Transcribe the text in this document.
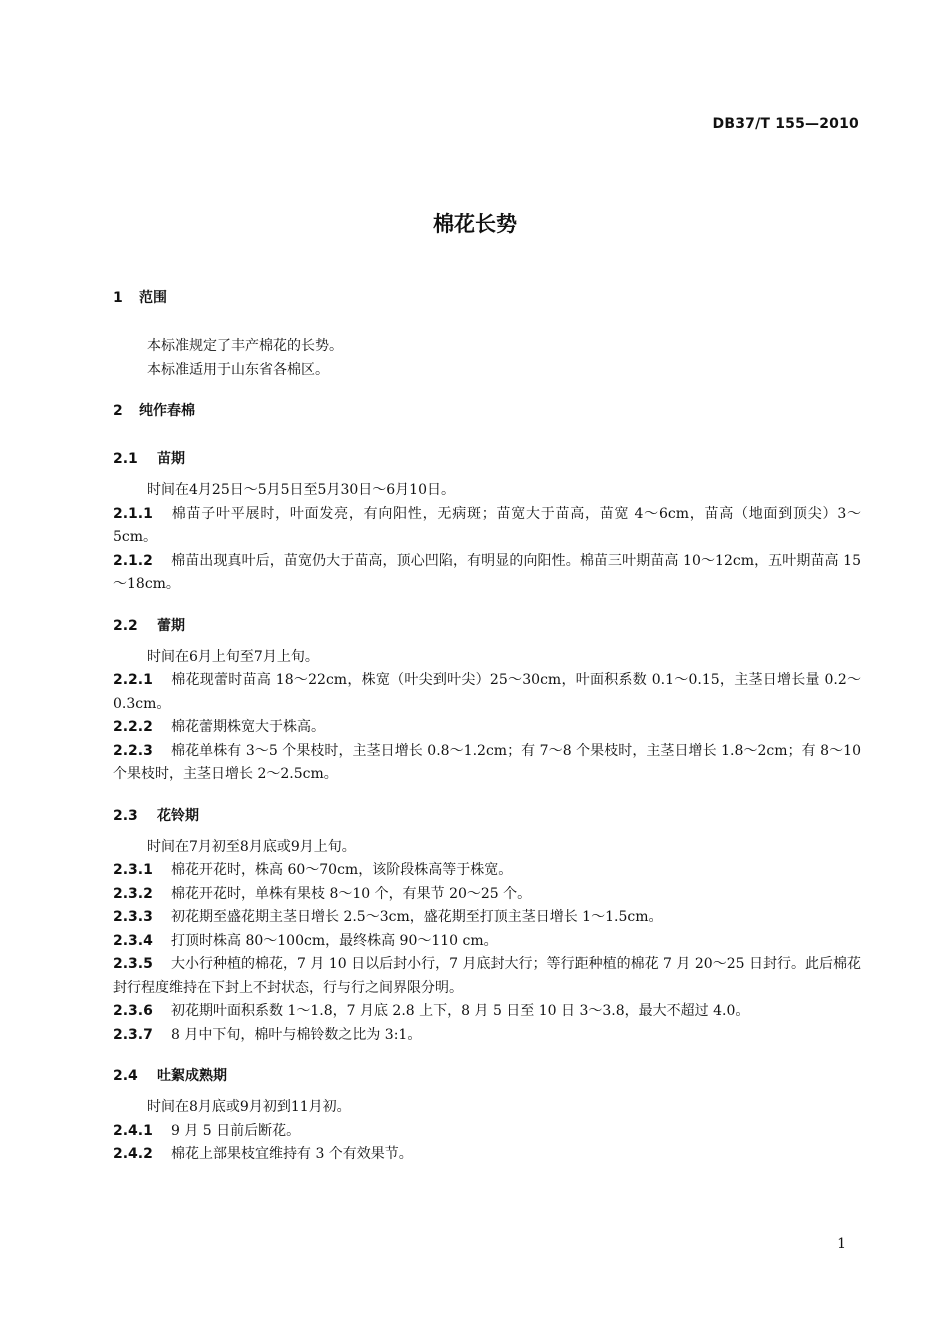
DB37/T 155—2010
棉花长势
1 范围

本标准规定了丰产棉花的长势。

本标准适用于山东省各棉区。

2 纯作春棉
2.1 苗期

时间在4月25日～5月5日至5月30日～6月10日。

2.1.1 棉苗子叶平展时，叶面发亮，有向阳性，无病斑；苗宽大于苗高，苗宽 4～6cm，苗高（地面到顶尖）3～5cm。

2.1.2 棉苗出现真叶后，苗宽仍大于苗高，顶心凹陷，有明显的向阳性。棉苗三叶期苗高 10～12cm，五叶期苗高 15～18cm。

2.2 蕾期

时间在6月上旬至7月上旬。

2.2.1 棉花现蕾时苗高 18～22cm，株宽（叶尖到叶尖）25～30cm，叶面积系数 0.1～0.15，主茎日增长量 0.2～0.3cm。

2.2.2 棉花蕾期株宽大于株高。

2.2.3 棉花单株有 3～5 个果枝时，主茎日增长 0.8～1.2cm；有 7～8 个果枝时，主茎日增长 1.8～2cm；有 8～10 个果枝时，主茎日增长 2～2.5cm。

2.3 花铃期

时间在7月初至8月底或9月上旬。

2.3.1 棉花开花时，株高 60～70cm，该阶段株高等于株宽。

2.3.2 棉花开花时，单株有果枝 8～10 个，有果节 20～25 个。

2.3.3 初花期至盛花期主茎日增长 2.5～3cm，盛花期至打顶主茎日增长 1～1.5cm。

2.3.4 打顶时株高 80～100cm，最终株高 90～110 cm。

2.3.5 大小行种植的棉花，7 月 10 日以后封小行，7 月底封大行；等行距种植的棉花 7 月 20～25 日封行。此后棉花封行程度维持在下封上不封状态，行与行之间界限分明。

2.3.6 初花期叶面积系数 1～1.8，7 月底 2.8 上下，8 月 5 日至 10 日 3～3.8，最大不超过 4.0。

2.3.7 8 月中下旬，棉叶与棉铃数之比为 3:1。

2.4 吐絮成熟期

时间在8月底或9月初到11月初。

2.4.1 9 月 5 日前后断花。

2.4.2 棉花上部果枝宜维持有 3 个有效果节。

1
